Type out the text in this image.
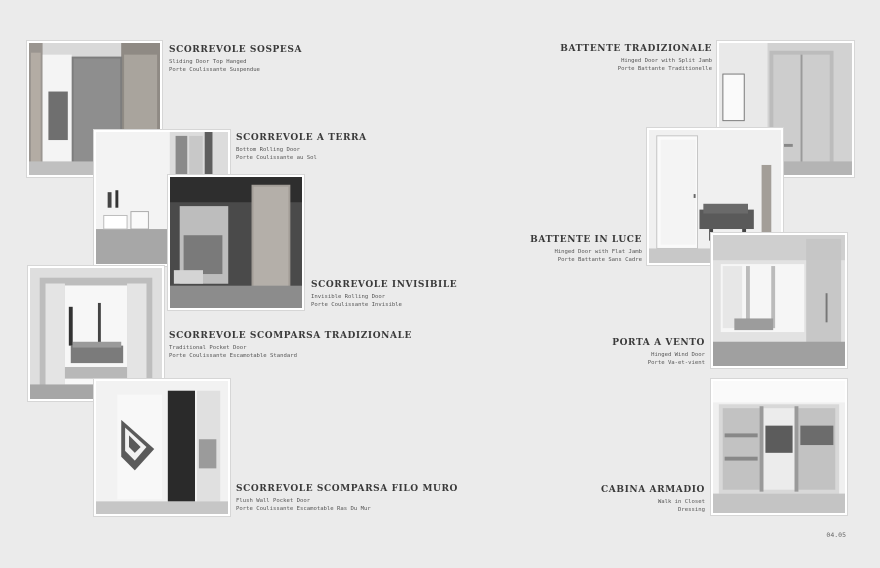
SCORREVOLE SOSPESA
Sliding Door Top Hanged
Porte Coulissante Suspendue
SCORREVOLE A TERRA
Bottom Rolling Door
Porte Coulissante au Sol
SCORREVOLE INVISIBILE
Invisible Rolling Door
Porte Coulissante Invisible
SCORREVOLE SCOMPARSA TRADIZIONALE
Traditional Pocket Door
Porte Coulissante Escamotable Standard
SCORREVOLE SCOMPARSA FILO MURO
Flush Wall Pocket Door
Porte Coulissante Escamotable Ras Du Mur
BATTENTE TRADIZIONALE
Hinged Door with Split Jamb
Porte Battante Traditionelle
BATTENTE IN LUCE
Hinged Door with Flat Jamb
Porte Battante Sans Cadre
PORTA A VENTO
Hinged Wind Door
Porte Va-et-vient
CABINA ARMADIO
Walk in Closet
Dressing
04.05
